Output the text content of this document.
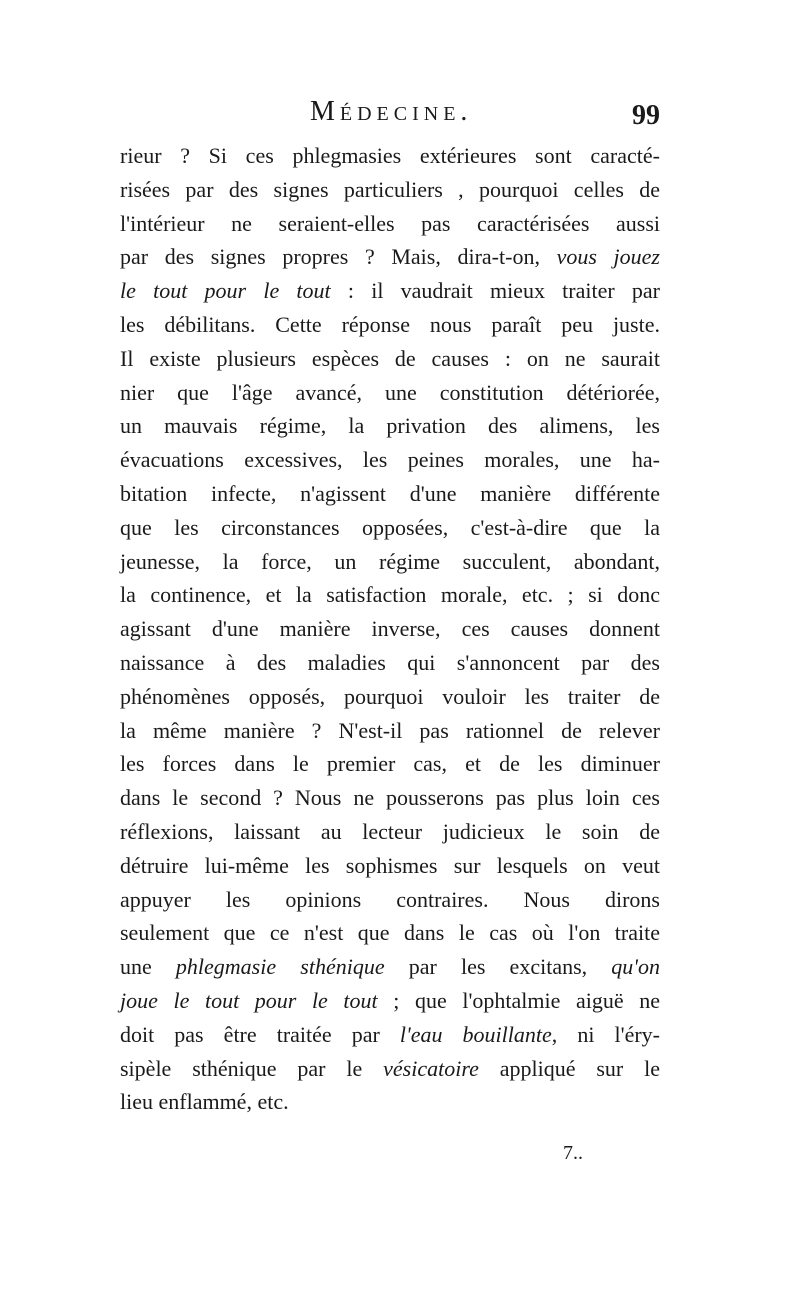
Médecine.	99
rieur ? Si ces phlegmasies extérieures sont caracté-
risées par des signes particuliers , pourquoi celles de
l'intérieur ne seraient-elles pas caractérisées aussi
par des signes propres ? Mais, dira-t-on, vous jouez
le tout pour le tout : il vaudrait mieux traiter par
les débilitans. Cette réponse nous paraît peu juste.
Il existe plusieurs espèces de causes : on ne saurait
nier que l'âge avancé, une constitution détériorée,
un mauvais régime, la privation des alimens, les
évacuations excessives, les peines morales, une ha-
bitation infecte, n'agissent d'une manière différente
que les circonstances opposées, c'est-à-dire que la
jeunesse, la force, un régime succulent, abondant,
la continence, et la satisfaction morale, etc. ; si donc
agissant d'une manière inverse, ces causes donnent
naissance à des maladies qui s'annoncent par des
phénomènes opposés, pourquoi vouloir les traiter de
la même manière ? N'est-il pas rationnel de relever
les forces dans le premier cas, et de les diminuer
dans le second ? Nous ne pousserons pas plus loin ces
réflexions, laissant au lecteur judicieux le soin de
détruire lui-même les sophismes sur lesquels on veut
appuyer les opinions contraires. Nous dirons
seulement que ce n'est que dans le cas où l'on traite
une phlegmasie sthénique par les excitans, qu'on
joue le tout pour le tout ; que l'ophtalmie aiguë ne
doit pas être traitée par l'eau bouillante, ni l'éry-
sipèle sthénique par le vésicatoire appliqué sur le
lieu enflammé, etc.
7..
